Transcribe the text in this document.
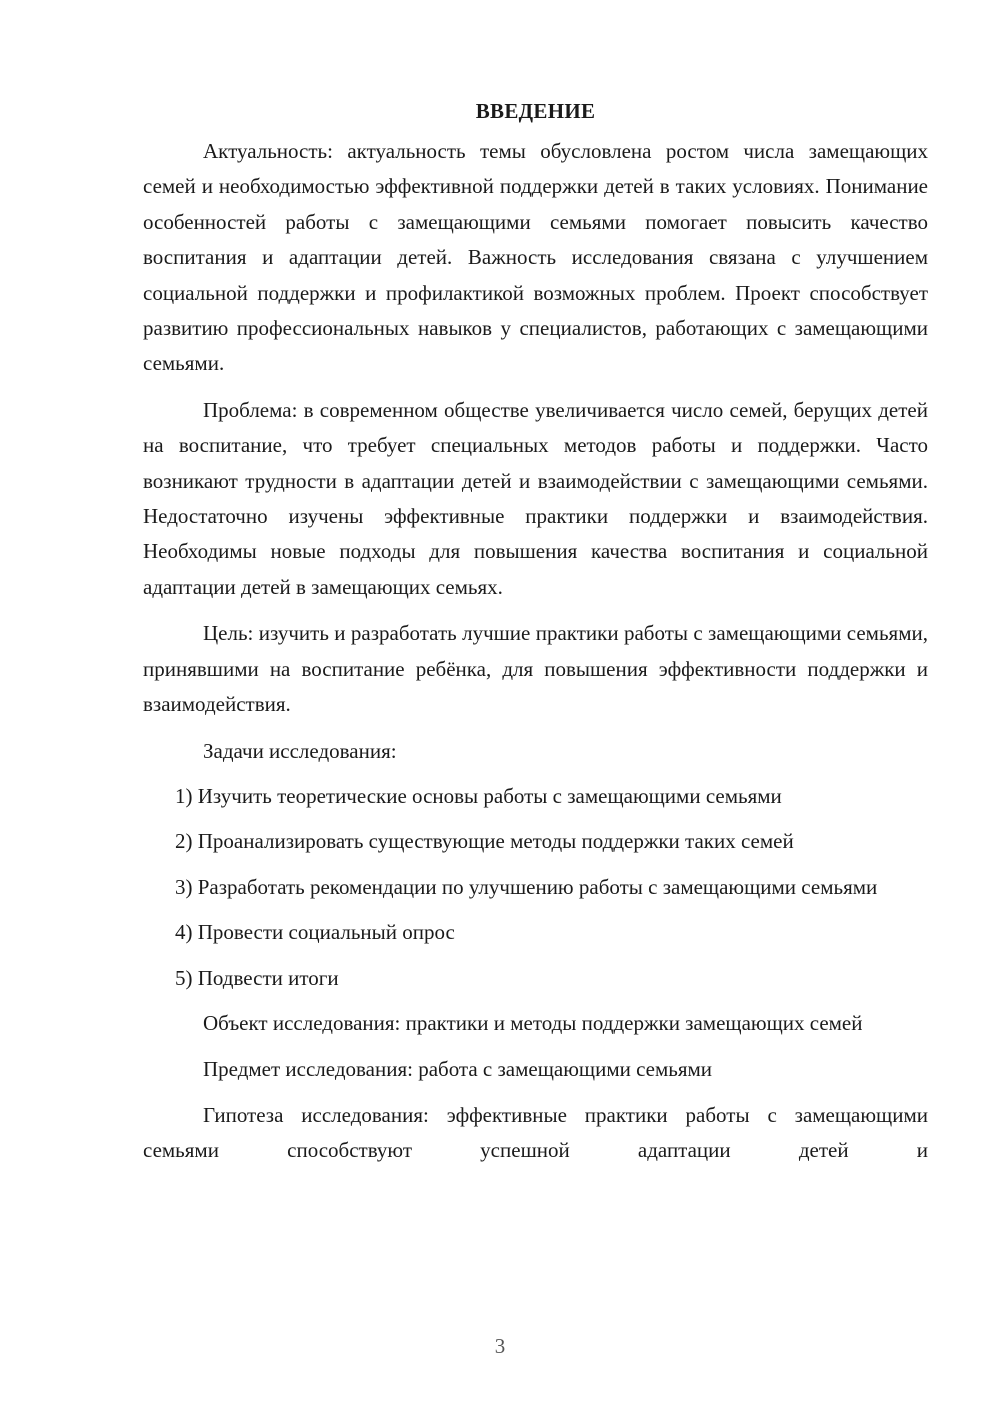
ВВЕДЕНИЕ

Актуальность: актуальность темы обусловлена ростом числа замещающих семей и необходимостью эффективной поддержки детей в таких условиях. Понимание особенностей работы с замещающими семьями помогает повысить качество воспитания и адаптации детей. Важность исследования связана с улучшением социальной поддержки и профилактикой возможных проблем. Проект способствует развитию профессиональных навыков у специалистов, работающих с замещающими семьями.

Проблема: в современном обществе увеличивается число семей, берущих детей на воспитание, что требует специальных методов работы и поддержки. Часто возникают трудности в адаптации детей и взаимодействии с замещающими семьями. Недостаточно изучены эффективные практики поддержки и взаимодействия. Необходимы новые подходы для повышения качества воспитания и социальной адаптации детей в замещающих семьях.

Цель: изучить и разработать лучшие практики работы с замещающими семьями, принявшими на воспитание ребёнка, для повышения эффективности поддержки и взаимодействия.

Задачи исследования:

1) Изучить теоретические основы работы с замещающими семьями

2) Проанализировать существующие методы поддержки таких семей

3) Разработать рекомендации по улучшению работы с замещающими семьями

4) Провести социальный опрос

5) Подвести итоги

Объект исследования: практики и методы поддержки замещающих семей

Предмет исследования: работа с замещающими семьями

Гипотеза исследования: эффективные практики работы с замещающими семьями способствуют успешной адаптации детей и

3
